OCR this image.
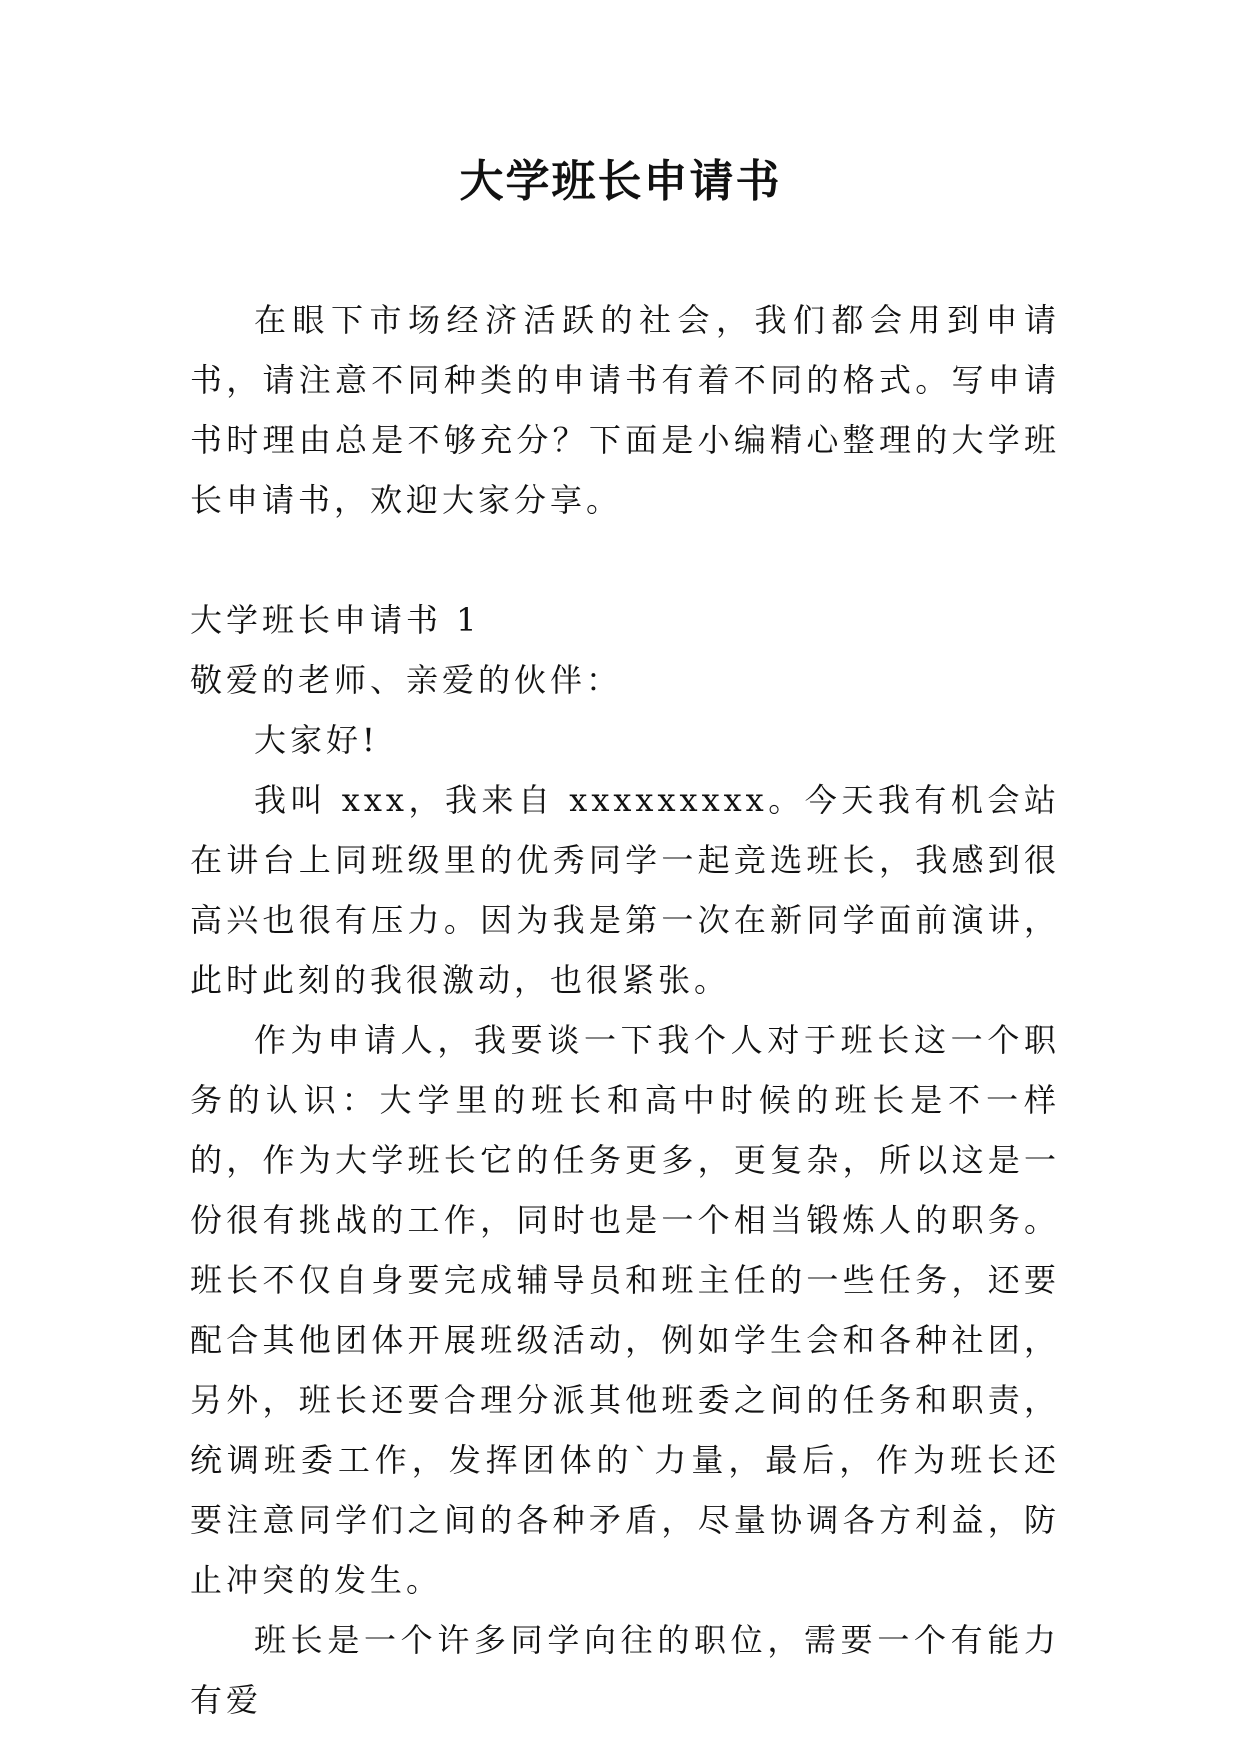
大学班长申请书

在眼下市场经济活跃的社会，我们都会用到申请书，请注意不同种类的申请书有着不同的格式。写申请书时理由总是不够充分？下面是小编精心整理的大学班长申请书，欢迎大家分享。

大学班长申请书 1

敬爱的老师、亲爱的伙伴：

大家好!

我叫 xxx，我来自 xxxxxxxxx。今天我有机会站在讲台上同班级里的优秀同学一起竞选班长，我感到很高兴也很有压力。因为我是第一次在新同学面前演讲，此时此刻的我很激动，也很紧张。

作为申请人，我要谈一下我个人对于班长这一个职务的认识：大学里的班长和高中时候的班长是不一样的，作为大学班长它的任务更多，更复杂，所以这是一份很有挑战的工作，同时也是一个相当锻炼人的职务。班长不仅自身要完成辅导员和班主任的一些任务，还要配合其他团体开展班级活动，例如学生会和各种社团，另外，班长还要合理分派其他班委之间的任务和职责，统调班委工作，发挥团体的`力量，最后，作为班长还要注意同学们之间的各种矛盾，尽量协调各方利益，防止冲突的发生。

班长是一个许多同学向往的职位，需要一个有能力有爱
